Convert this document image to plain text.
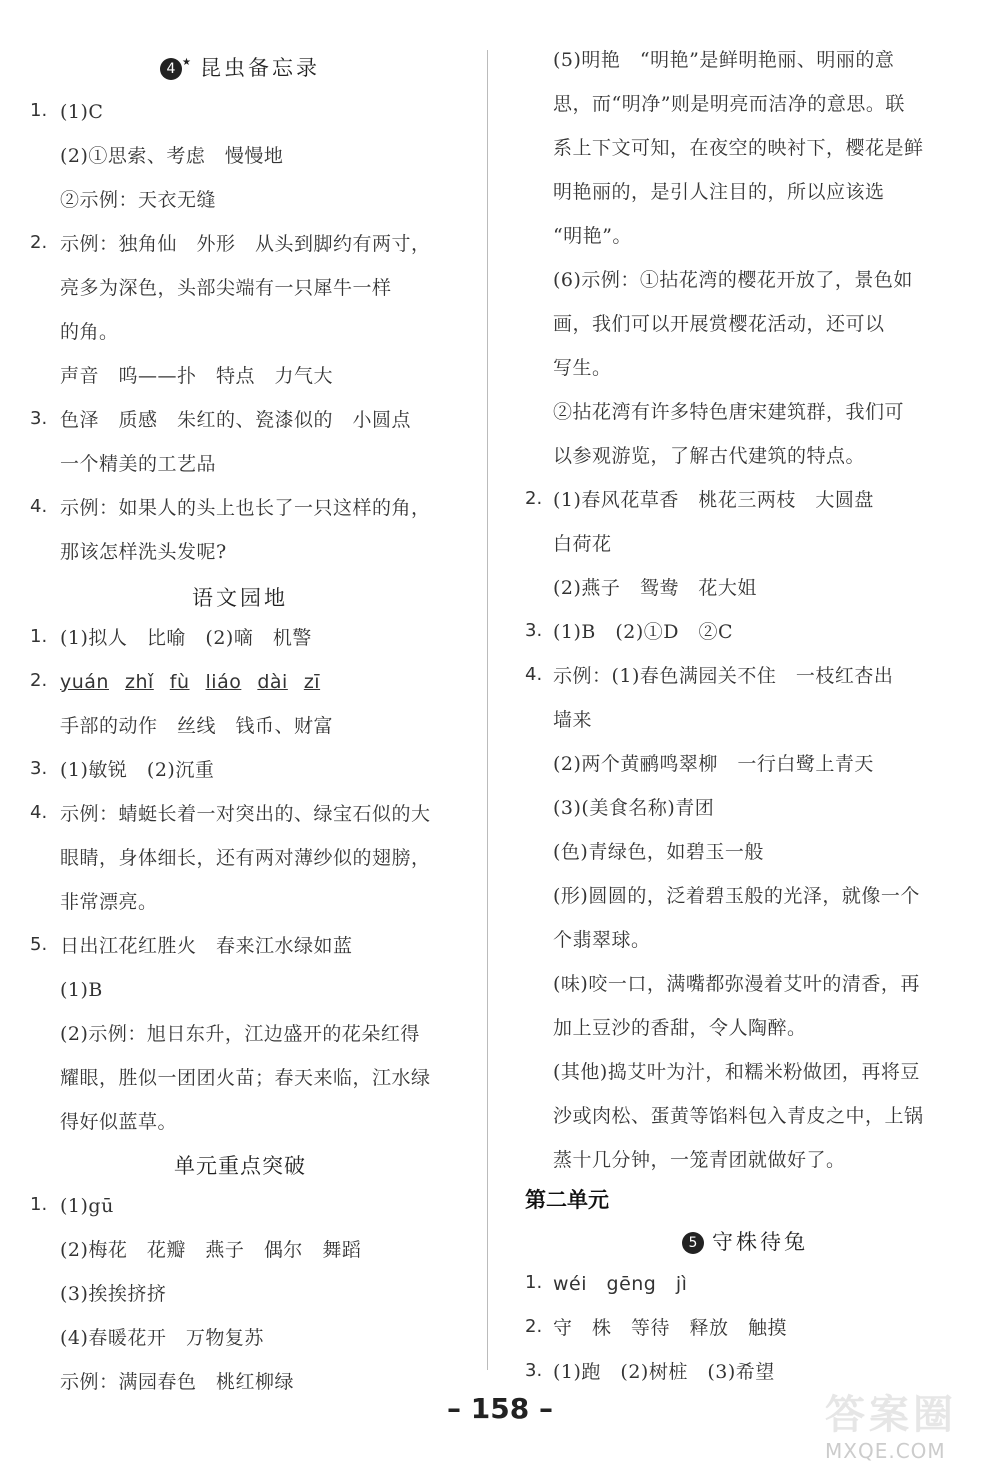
4 ★ 昆虫备忘录
1. (1)C
(2)①思索、考虑　慢慢地
②示例：天衣无缝
2. 示例：独角仙　外形　从头到脚约有两寸，
亮多为深色，头部尖端有一只犀牛一样
的角。
声音　呜——扑　特点　力气大
3. 色泽　质感　朱红的、瓷漆似的　小圆点
一个精美的工艺品
4. 示例：如果人的头上也长了一只这样的角，
那该怎样洗头发呢?
语文园地
1. (1)拟人　比喻　(2)嘀　机警
2. yuán zhǐ fù liáo dài zī
手部的动作　丝线　钱币、财富
3. (1)敏锐　(2)沉重
4. 示例：蜻蜓长着一对突出的、绿宝石似的大
眼睛，身体细长，还有两对薄纱似的翅膀，
非常漂亮。
5. 日出江花红胜火　春来江水绿如蓝
(1)B
(2)示例：旭日东升，江边盛开的花朵红得
耀眼，胜似一团团火苗；春天来临，江水绿
得好似蓝草。
单元重点突破
1. (1)gū
(2)梅花　花瓣　燕子　偶尔　舞蹈
(3)挨挨挤挤
(4)春暖花开　万物复苏
示例：满园春色　桃红柳绿
(5)明艳　“明艳”是鲜明艳丽、明丽的意
思，而“明净”则是明亮而洁净的意思。联
系上下文可知，在夜空的映衬下，樱花是鲜
明艳丽的，是引人注目的，所以应该选
“明艳”。
(6)示例：①拈花湾的樱花开放了，景色如
画，我们可以开展赏樱花活动，还可以
写生。
②拈花湾有许多特色唐宋建筑群，我们可
以参观游览，了解古代建筑的特点。
2. (1)春风花草香　桃花三两枝　大圆盘
白荷花
(2)燕子　鸳鸯　花大姐
3. (1)B　(2)①D　②C
4. 示例：(1)春色满园关不住　一枝红杏出
墙来
(2)两个黄鹂鸣翠柳　一行白鹭上青天
(3)(美食名称)青团
(色)青绿色，如碧玉一般
(形)圆圆的，泛着碧玉般的光泽，就像一个
个翡翠球。
(味)咬一口，满嘴都弥漫着艾叶的清香，再
加上豆沙的香甜，令人陶醉。
(其他)捣艾叶为汁，和糯米粉做团，再将豆
沙或肉松、蛋黄等馅料包入青皮之中，上锅
蒸十几分钟，一笼青团就做好了。
第二单元
5 守株待兔
1. wéi　gēng　jì
2. 守　株　等待　释放　触摸
3. (1)跑　(2)树桩　(3)希望
– 158 –	答案圈
MXQE.COM
